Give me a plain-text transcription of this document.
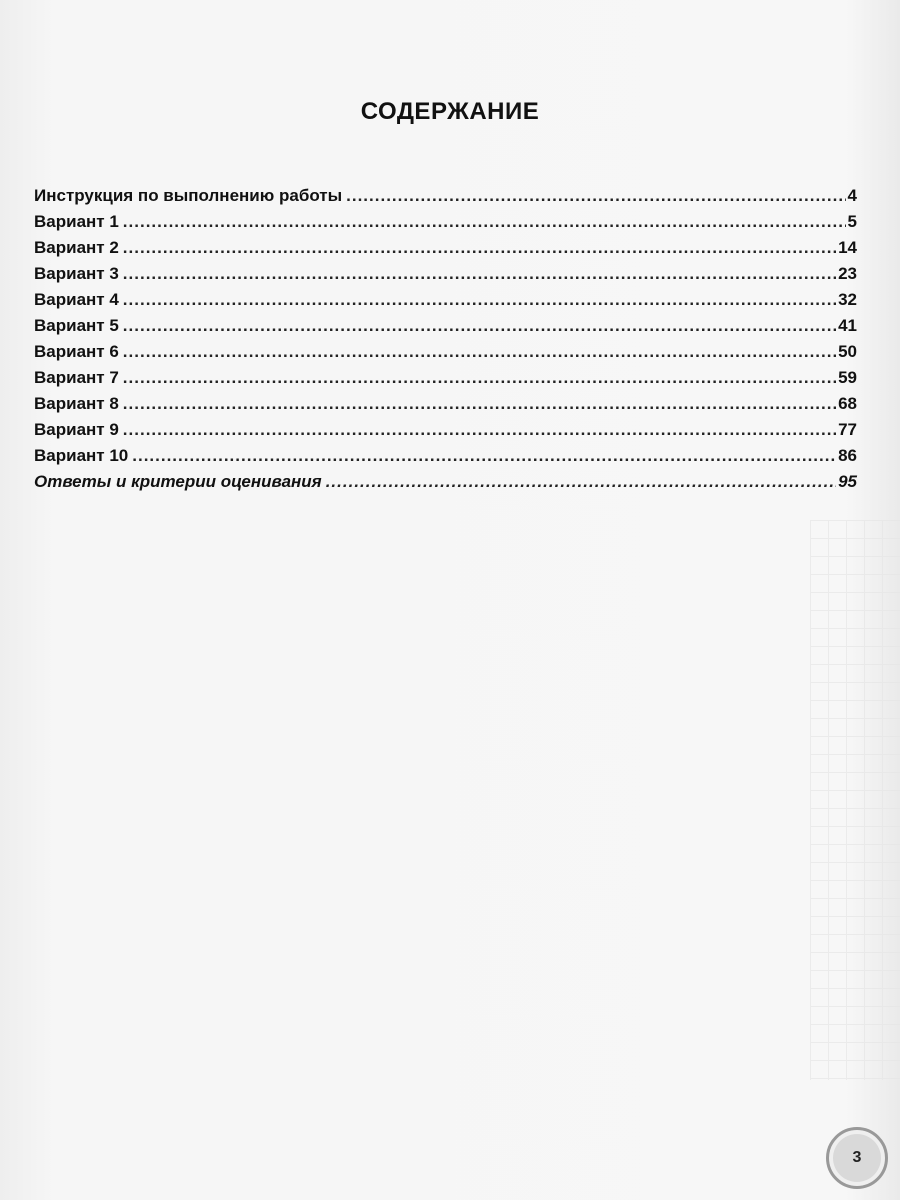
СОДЕРЖАНИЕ
Инструкция по выполнению работы .....	4
Вариант 1 .....	5
Вариант 2 .....	14
Вариант 3 .....	23
Вариант 4 .....	32
Вариант 5 .....	41
Вариант 6 .....	50
Вариант 7 .....	59
Вариант 8 .....	68
Вариант 9 .....	77
Вариант 10 .....	86
Ответы и критерии оценивания .....	95
3
